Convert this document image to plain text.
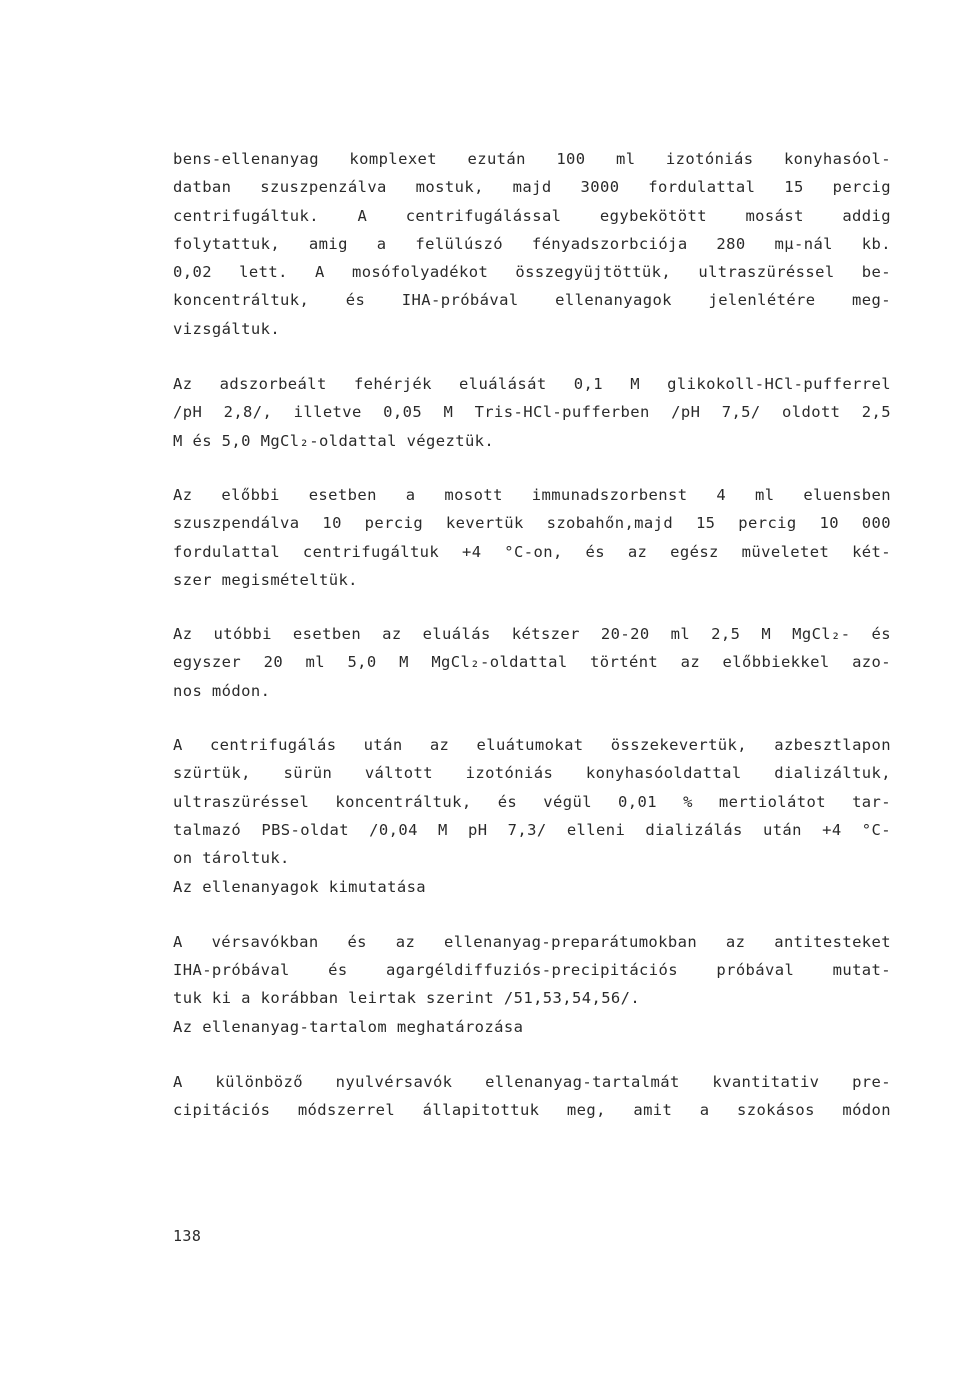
bens-ellenanyag komplexet ezután 100 ml izotóniás konyhasóol-
datban szuszpenzálva mostuk, majd 3000 fordulattal 15 percig
centrifugáltuk. A centrifugálással egybekötött mosást addig
folytattuk, amig a felülúszó fényadszorbciója 280 mµ-nál kb.
0,02 lett. A mosófolyadékot összegyüjtöttük, ultraszüréssel be-
koncentráltuk, és IHA-próbával ellenanyagok jelenlétére meg-
vizsgáltuk.

Az adszorbeált fehérjék eluálását 0,1 M glikokoll-HCl-pufferrel
/pH 2,8/, illetve 0,05 M Tris-HCl-pufferben /pH 7,5/ oldott 2,5
M és 5,0 MgCl₂-oldattal végeztük.

Az előbbi esetben a mosott immunadszorbenst 4 ml eluensben
szuszpendálva 10 percig kevertük szobahőn,majd 15 percig 10 000
fordulattal centrifugáltuk +4 °C-on, és az egész müveletet két-
szer megismételtük.

Az utóbbi esetben az eluálás kétszer 20-20 ml 2,5 M MgCl₂- és
egyszer 20 ml 5,0 M MgCl₂-oldattal történt az előbbiekkel azo-
nos módon.

A centrifugálás után az eluátumokat összekevertük, azbesztlapon
szürtük, sürün váltott izotóniás konyhasóoldattal dializáltuk,
ultraszüréssel koncentráltuk, és végül 0,01 % mertiolátot tar-
talmazó PBS-oldat /0,04 M pH 7,3/ elleni dializálás után +4 °C-
on tároltuk.

Az ellenanyagok kimutatása

A vérsavókban és az ellenanyag-preparátumokban az antitesteket
IHA-próbával és agargéldiffuziós-precipitációs próbával mutat-
tuk ki a korábban leirtak szerint /51,53,54,56/.

Az ellenanyag-tartalom meghatározása

A különböző nyulvérsavók ellenanyag-tartalmát kvantitativ pre-
cipitációs módszerrel állapitottuk meg, amit a szokásos módon

138
